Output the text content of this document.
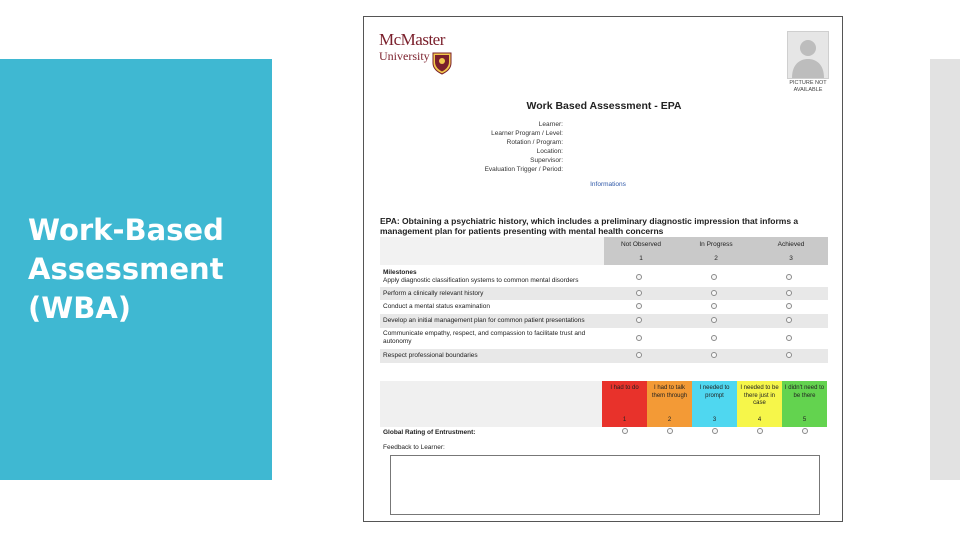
Work-Based
Assessment
(WBA)
McMaster
University
PICTURE NOT
AVAILABLE
Work Based Assessment - EPA
Learner:
Learner Program / Level:
Rotation / Program:
Location:
Supervisor:
Evaluation Trigger / Period:
Informations

EPA: Obtaining a psychiatric history, which includes a preliminary diagnostic impression that informs a management plan for patients presenting with mental health concerns

Not Observed
1
In Progress
2
Achieved
3
Milestones
Apply diagnostic classification systems to common mental disorders
Perform a clinically relevant history
Conduct a mental status examination
Develop an initial management plan for common patient presentations
Communicate empathy, respect, and compassion to facilitate trust and autonomy
Respect professional boundaries
I had to do
1
I had to talk them through
2
I needed to prompt
3
I needed to be there just in case
4
I didn't need to be there
5
Global Rating of Entrustment:
Feedback to Learner:
